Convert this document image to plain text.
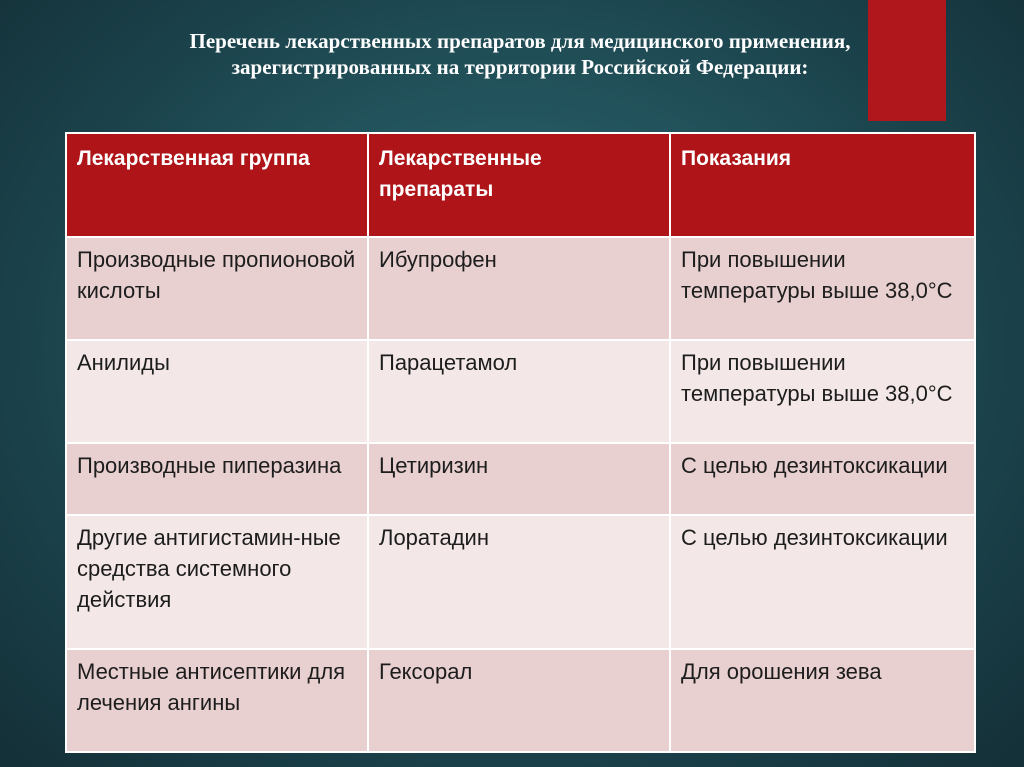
Перечень лекарственных препаратов для медицинского применения,
зарегистрированных на территории Российской Федерации:
Лекарственная группа	Лекарственные препараты	Показания
Производные пропионовой кислоты	Ибупрофен	При повышении температуры выше 38,0°С
Анилиды	Парацетамол	При повышении температуры выше 38,0°С
Производные пиперазина	Цетиризин	С целью дезинтоксикации
Другие антигистамин-ные средства системного действия	Лоратадин	С целью дезинтоксикации
Местные антисептики для лечения ангины	Гексорал	Для орошения зева
